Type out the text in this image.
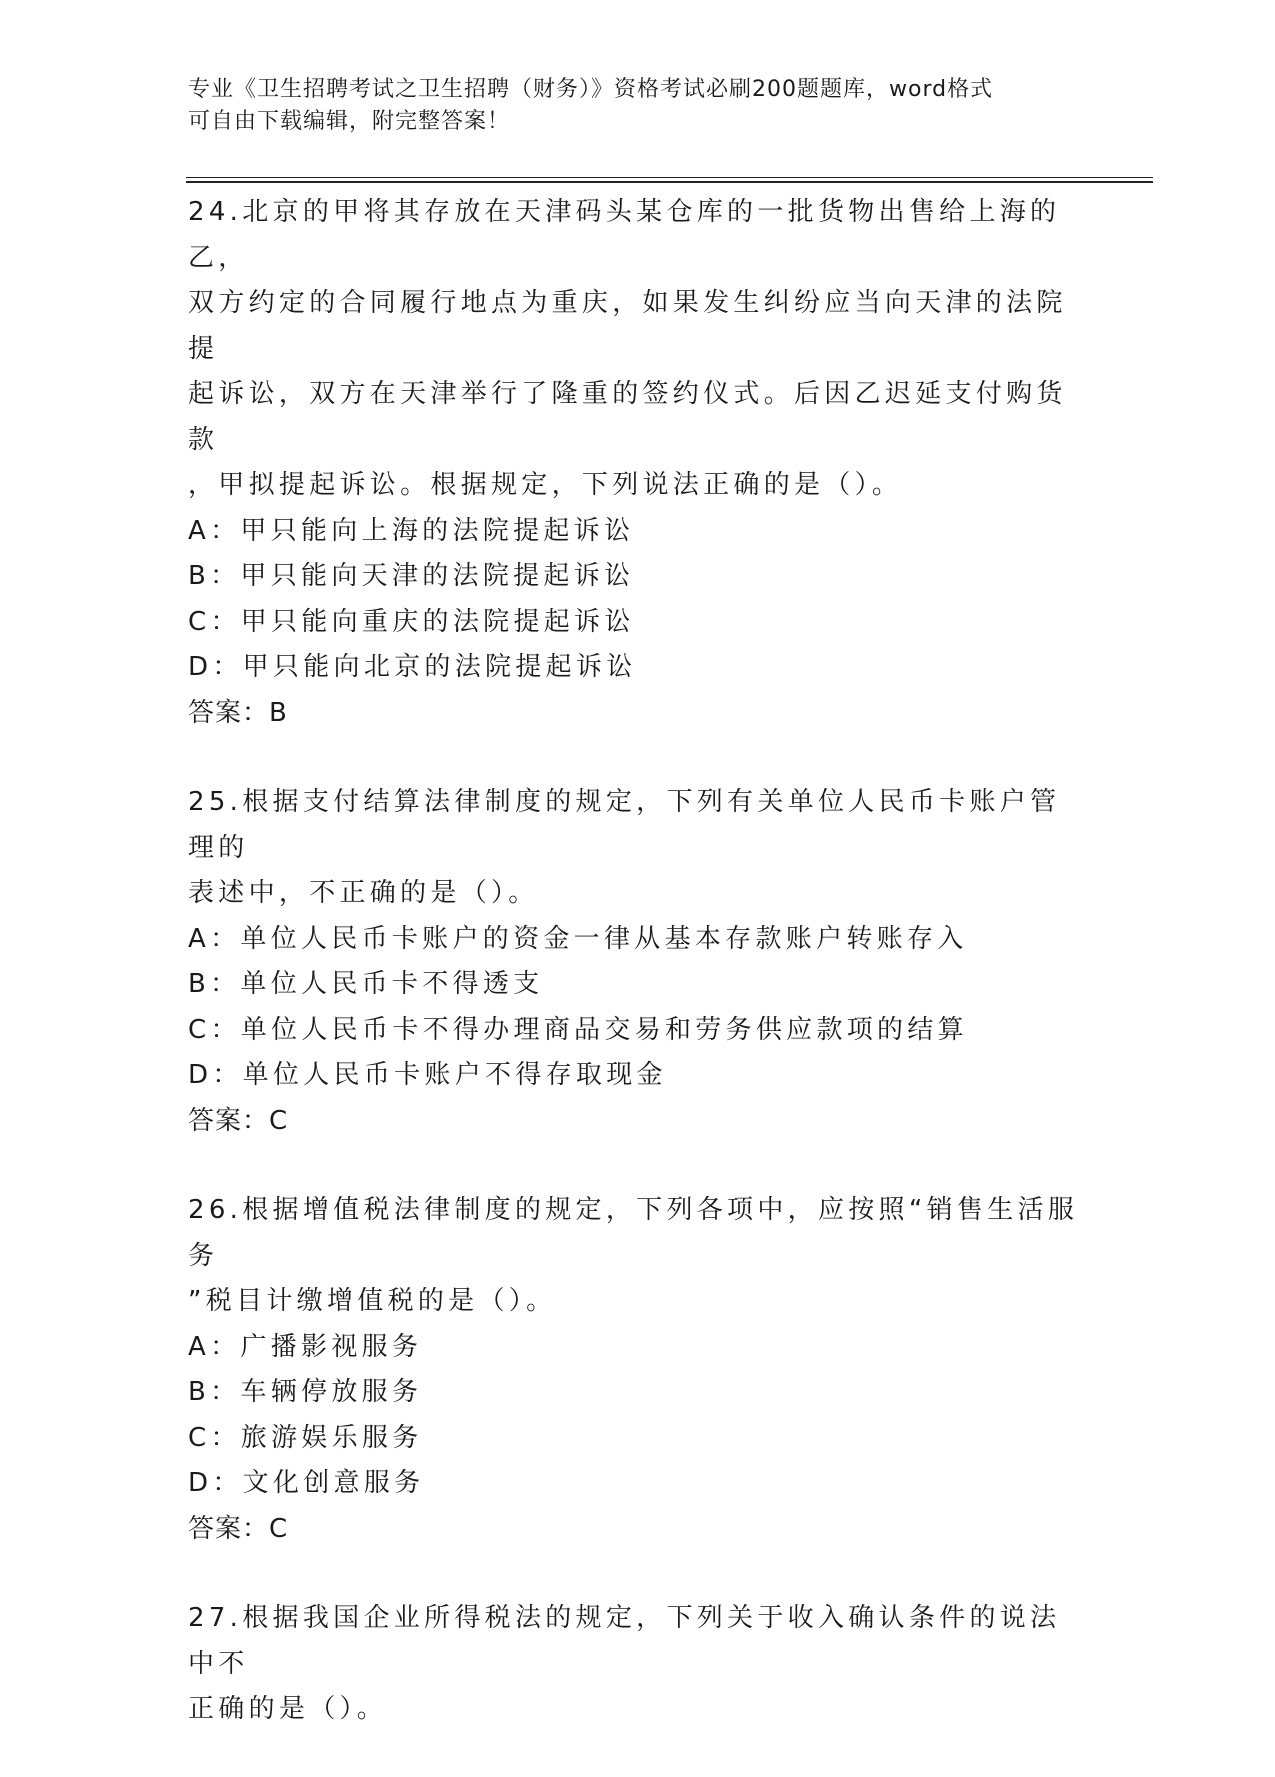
专业《卫生招聘考试之卫生招聘（财务）》资格考试必刷200题题库，word格式
可自由下载编辑，附完整答案！
24.北京的甲将其存放在天津码头某仓库的一批货物出售给上海的乙，
双方约定的合同履行地点为重庆，如果发生纠纷应当向天津的法院提
起诉讼，双方在天津举行了隆重的签约仪式。后因乙迟延支付购货款
，甲拟提起诉讼。根据规定，下列说法正确的是（）。
A：甲只能向上海的法院提起诉讼
B：甲只能向天津的法院提起诉讼
C：甲只能向重庆的法院提起诉讼
D：甲只能向北京的法院提起诉讼
答案：B
25.根据支付结算法律制度的规定，下列有关单位人民币卡账户管理的
表述中，不正确的是（）。
A：单位人民币卡账户的资金一律从基本存款账户转账存入
B：单位人民币卡不得透支
C：单位人民币卡不得办理商品交易和劳务供应款项的结算
D：单位人民币卡账户不得存取现金
答案：C
26.根据增值税法律制度的规定，下列各项中，应按照“销售生活服务
”税目计缴增值税的是（）。
A：广播影视服务
B：车辆停放服务
C：旅游娱乐服务
D：文化创意服务
答案：C
27.根据我国企业所得税法的规定，下列关于收入确认条件的说法中不
正确的是（）。
